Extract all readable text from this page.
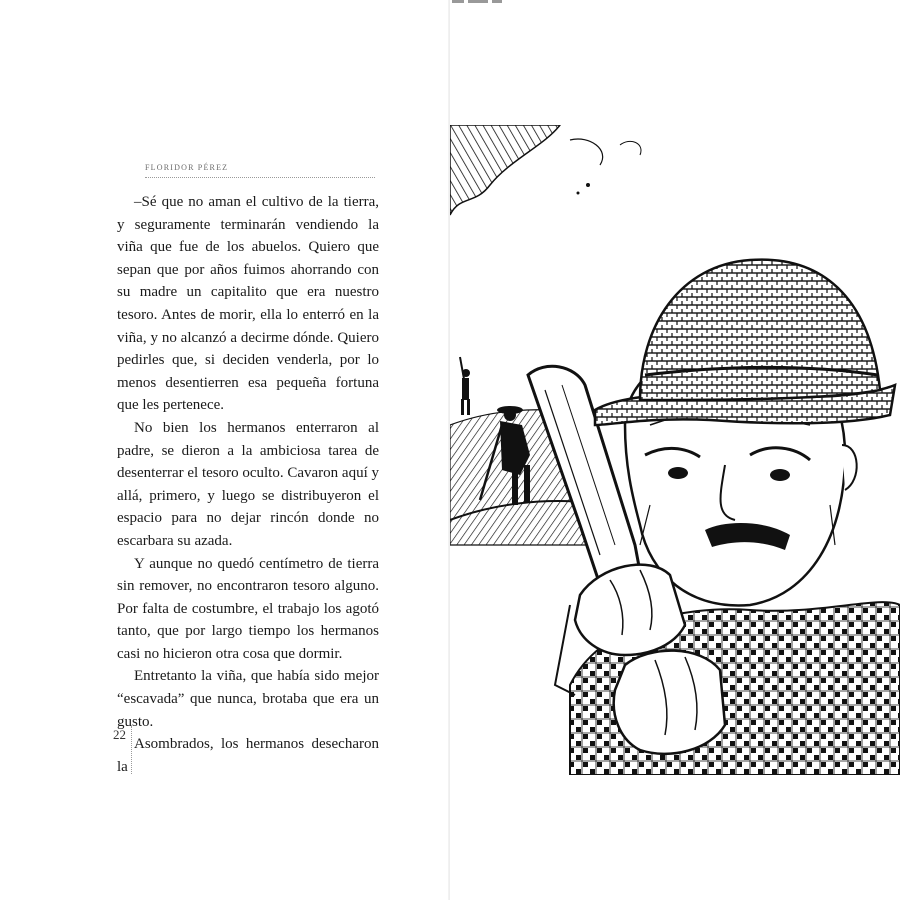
FLORIDOR PÉREZ

–Sé que no aman el cultivo de la tierra, y seguramente terminarán vendiendo la viña que fue de los abuelos. Quiero que sepan que por años fuimos ahorrando con su madre un capitalito que era nuestro tesoro. Antes de morir, ella lo enterró en la viña, y no alcanzó a decirme dónde. Quiero pedirles que, si deciden venderla, por lo menos desentierren esa pequeña fortuna que les pertenece.

No bien los hermanos enterraron al padre, se dieron a la ambiciosa tarea de desenterrar el tesoro oculto. Cavaron aquí y allá, primero, y luego se distribuyeron el espacio para no dejar rincón donde no escarbara su azada.

Y aunque no quedó centímetro de tierra sin remover, no encontraron tesoro alguno. Por falta de costumbre, el trabajo los agotó tanto, que por largo tiempo los hermanos casi no hicieron otra cosa que dormir.

Entretanto la viña, que había sido mejor “escavada” que nunca, brotaba que era un gusto.

Asombrados, los hermanos desecharon la

22
